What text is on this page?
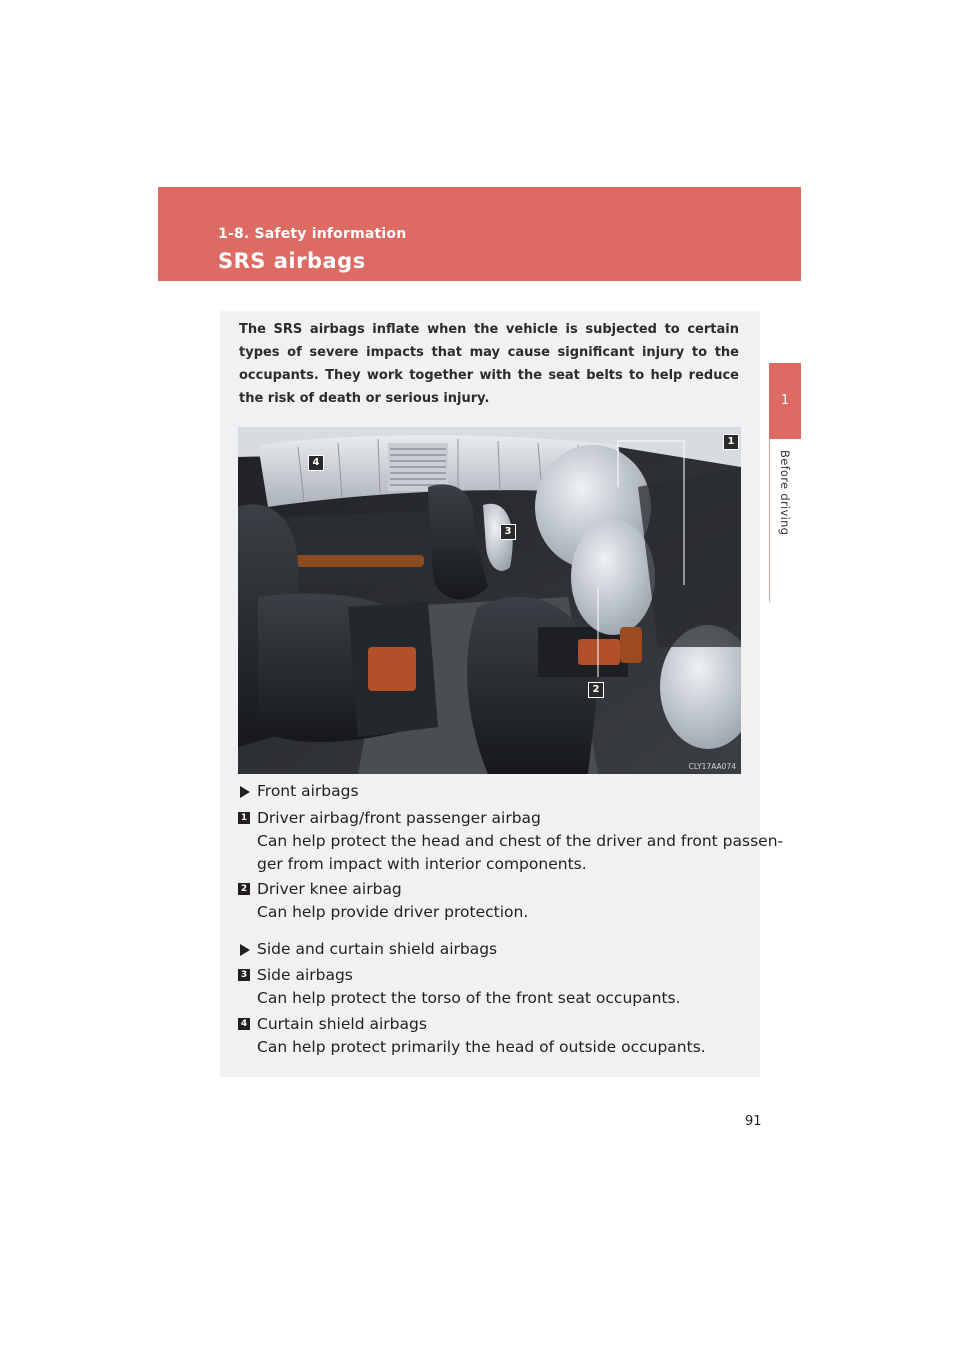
1-8. Safety information
SRS airbags
1
Before driving

The SRS airbags inflate when the vehicle is subjected to certain types of severe impacts that may cause significant injury to the occupants. They work together with the seat belts to help reduce the risk of death or serious injury.

CLY17AA074
1
2
3
4
Front airbags
1 Driver airbag/front passenger airbag
Can help protect the head and chest of the driver and front passen-
ger from impact with interior components.
2 Driver knee airbag
Can help provide driver protection.
Side and curtain shield airbags
3 Side airbags
Can help protect the torso of the front seat occupants.
4 Curtain shield airbags
Can help protect primarily the head of outside occupants.
91
